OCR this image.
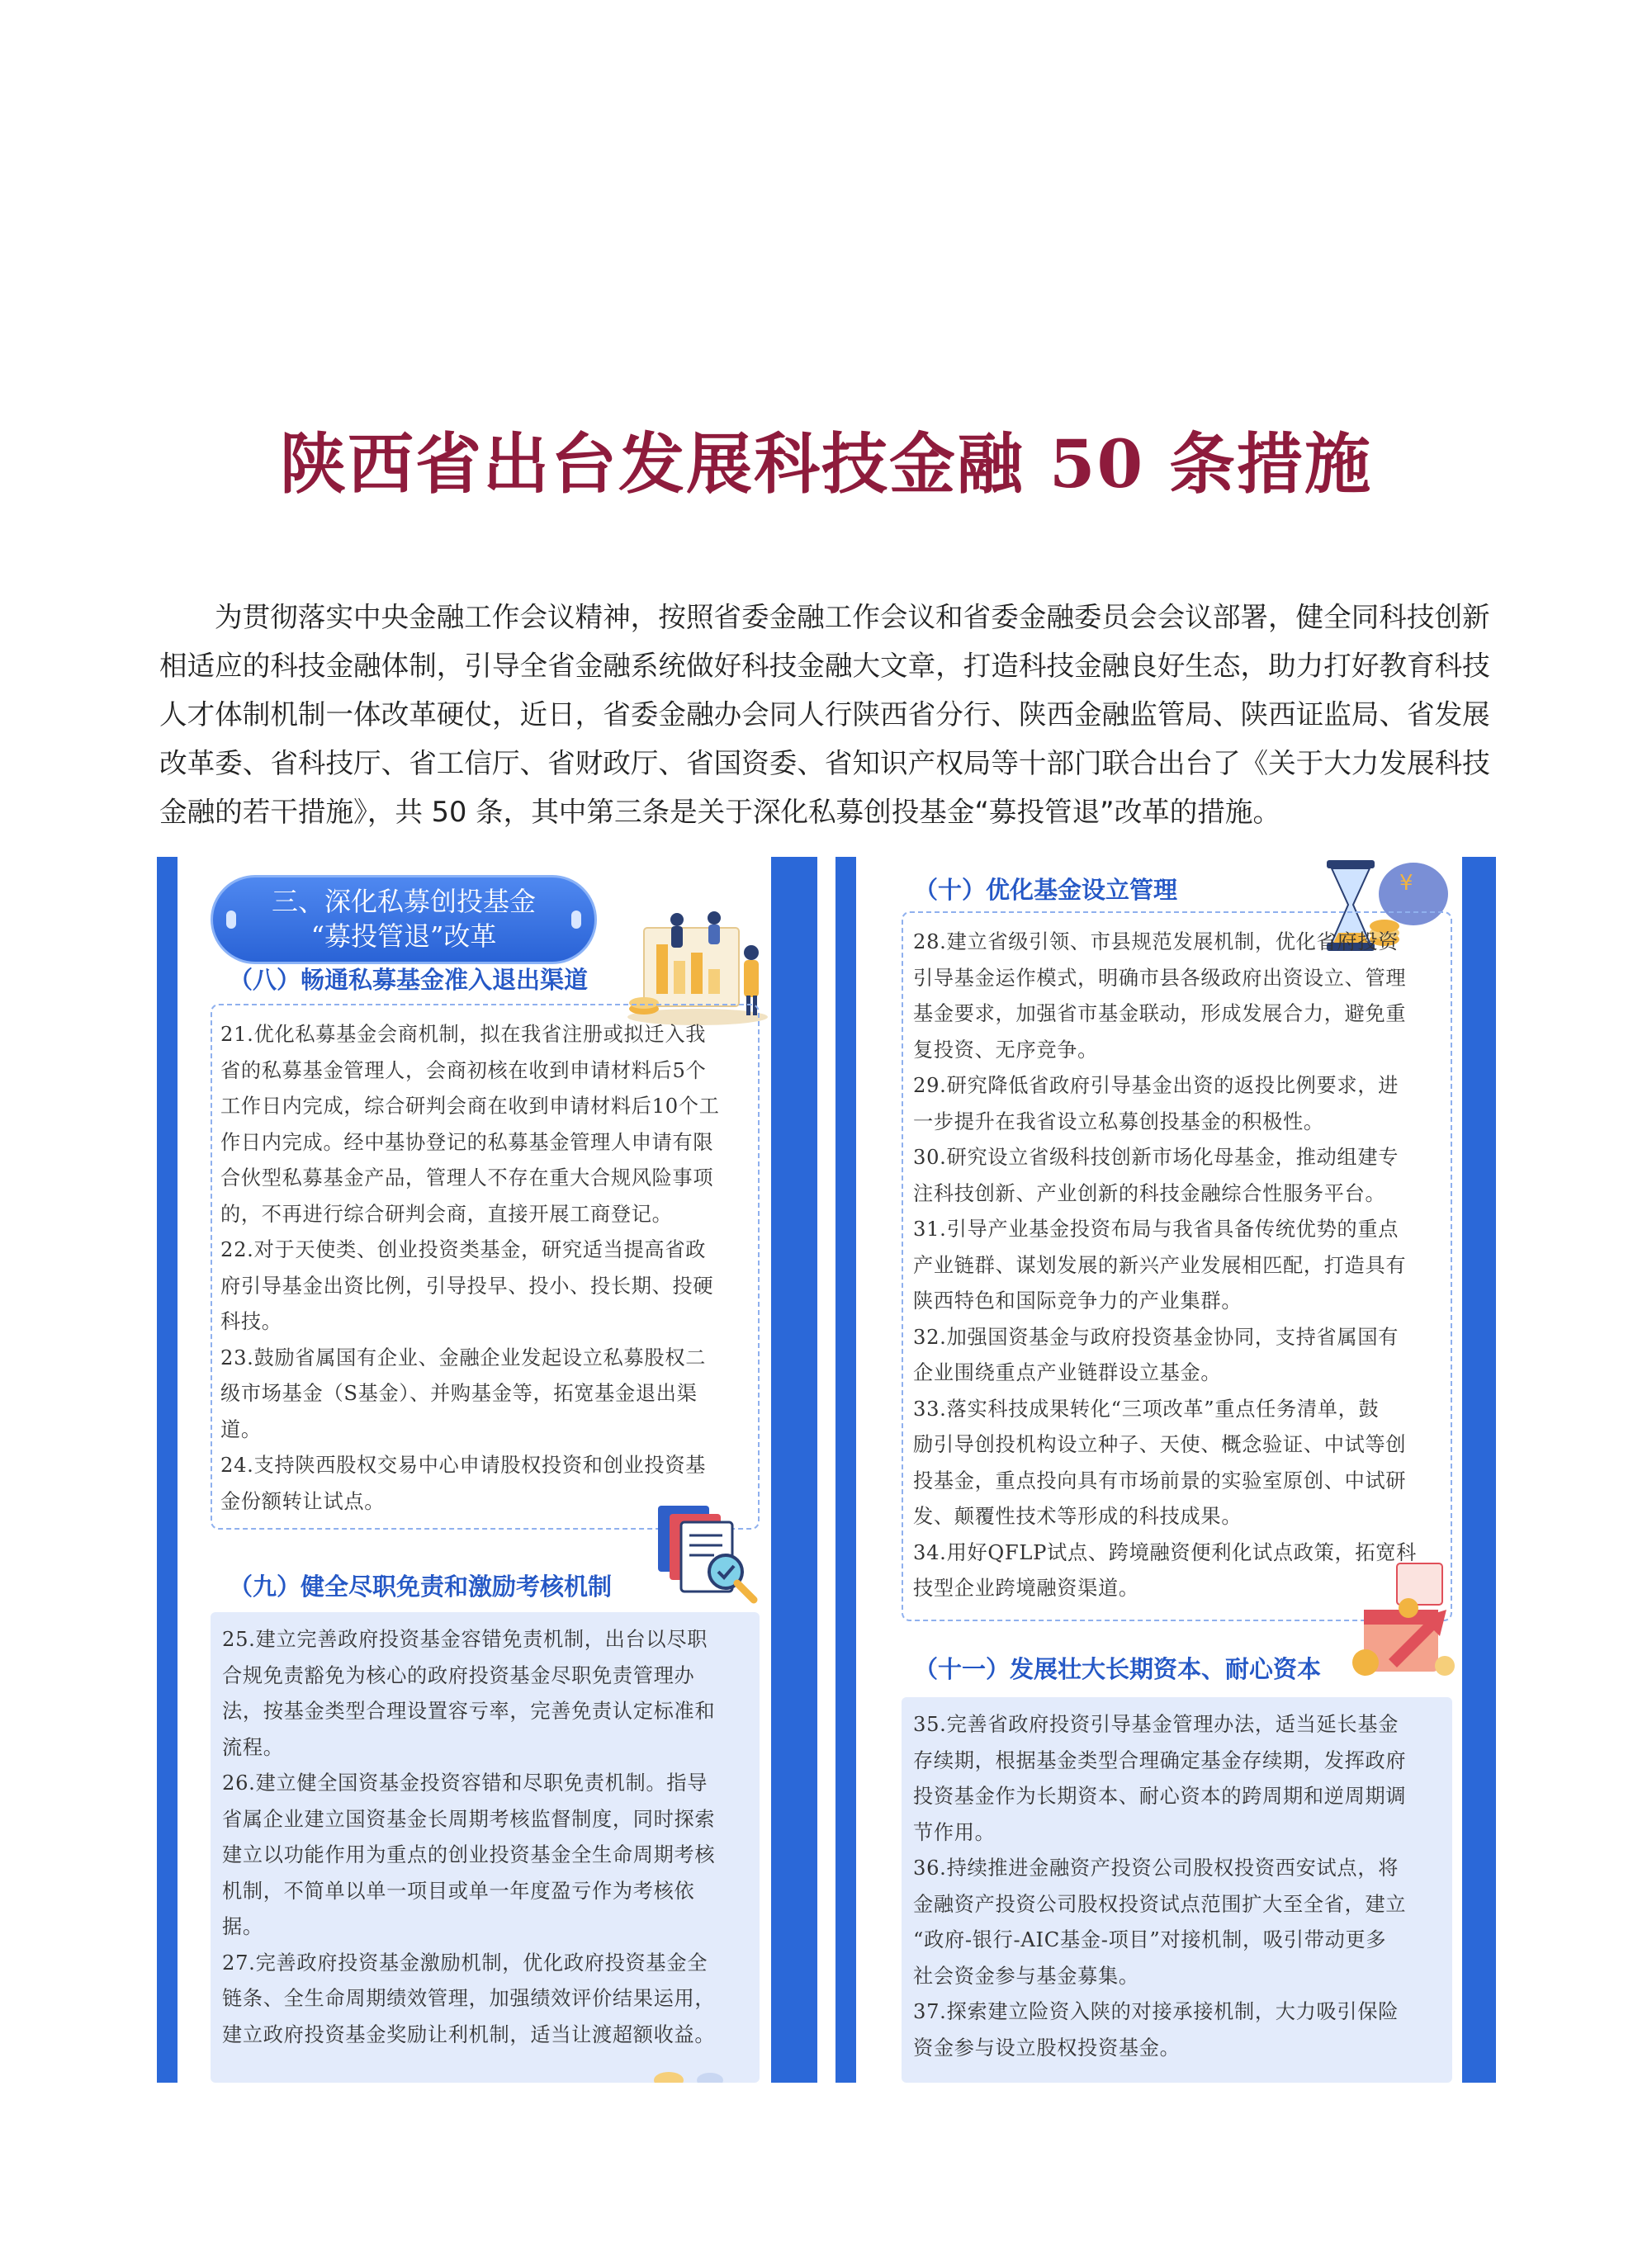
陕西省出台发展科技金融 50 条措施

为贯彻落实中央金融工作会议精神，按照省委金融工作会议和省委金融委员会会议部署，健全同科技创新
相适应的科技金融体制，引导全省金融系统做好科技金融大文章，打造科技金融良好生态，助力打好教育科技
人才体制机制一体改革硬仗，近日，省委金融办会同人行陕西省分行、陕西金融监管局、陕西证监局、省发展
改革委、省科技厅、省工信厅、省财政厅、省国资委、省知识产权局等十部门联合出台了《关于大力发展科技
金融的若干措施》，共 50 条，其中第三条是关于深化私募创投基金“募投管退”改革的措施。

三、深化私募创投基金
“募投管退”改革
（八）畅通私募基金准入退出渠道
21.优化私募基金会商机制，拟在我省注册或拟迁入我
省的私募基金管理人，会商初核在收到申请材料后5个
工作日内完成，综合研判会商在收到申请材料后10个工
作日内完成。经中基协登记的私募基金管理人申请有限
合伙型私募基金产品，管理人不存在重大合规风险事项
的，不再进行综合研判会商，直接开展工商登记。
22.对于天使类、创业投资类基金，研究适当提高省政
府引导基金出资比例，引导投早、投小、投长期、投硬
科技。
23.鼓励省属国有企业、金融企业发起设立私募股权二
级市场基金（S基金）、并购基金等，拓宽基金退出渠
道。
24.支持陕西股权交易中心申请股权投资和创业投资基
金份额转让试点。
（九）健全尽职免责和激励考核机制
25.建立完善政府投资基金容错免责机制，出台以尽职
合规免责豁免为核心的政府投资基金尽职免责管理办
法，按基金类型合理设置容亏率，完善免责认定标准和
流程。
26.建立健全国资基金投资容错和尽职免责机制。指导
省属企业建立国资基金长周期考核监督制度，同时探索
建立以功能作用为重点的创业投资基金全生命周期考核
机制，不简单以单一项目或单一年度盈亏作为考核依
据。
27.完善政府投资基金激励机制，优化政府投资基金全
链条、全生命周期绩效管理，加强绩效评价结果运用，
建立政府投资基金奖励让利机制，适当让渡超额收益。
（十）优化基金设立管理	¥
28.建立省级引领、市县规范发展机制，优化省府投资
引导基金运作模式，明确市县各级政府出资设立、管理
基金要求，加强省市基金联动，形成发展合力，避免重
复投资、无序竞争。
29.研究降低省政府引导基金出资的返投比例要求，进
一步提升在我省设立私募创投基金的积极性。
30.研究设立省级科技创新市场化母基金，推动组建专
注科技创新、产业创新的科技金融综合性服务平台。
31.引导产业基金投资布局与我省具备传统优势的重点
产业链群、谋划发展的新兴产业发展相匹配，打造具有
陕西特色和国际竞争力的产业集群。
32.加强国资基金与政府投资基金协同，支持省属国有
企业围绕重点产业链群设立基金。
33.落实科技成果转化“三项改革”重点任务清单，鼓
励引导创投机构设立种子、天使、概念验证、中试等创
投基金，重点投向具有市场前景的实验室原创、中试研
发、颠覆性技术等形成的科技成果。
34.用好QFLP试点、跨境融资便利化试点政策，拓宽科
技型企业跨境融资渠道。
（十一）发展壮大长期资本、耐心资本
35.完善省政府投资引导基金管理办法，适当延长基金
存续期，根据基金类型合理确定基金存续期，发挥政府
投资基金作为长期资本、耐心资本的跨周期和逆周期调
节作用。
36.持续推进金融资产投资公司股权投资西安试点，将
金融资产投资公司股权投资试点范围扩大至全省，建立
“政府-银行-AIC基金-项目”对接机制，吸引带动更多
社会资金参与基金募集。
37.探索建立险资入陕的对接承接机制，大力吸引保险
资金参与设立股权投资基金。
